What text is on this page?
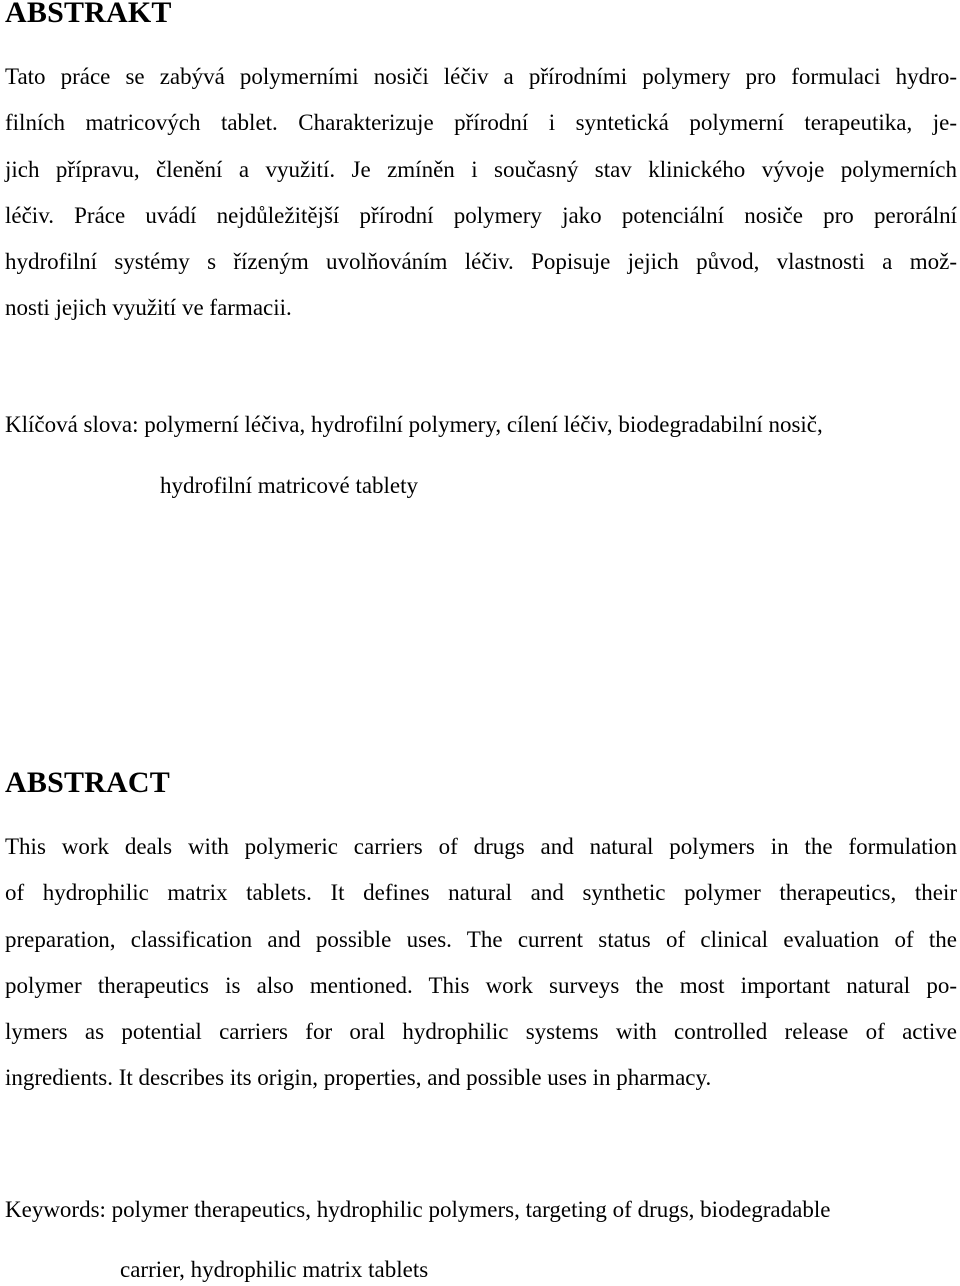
ABSTRAKT
Tato práce se zabývá polymerními nosiči léčiv a přírodními polymery pro formulaci hydro-
filních matricových tablet. Charakterizuje přírodní i syntetická polymerní terapeutika, je-
jich přípravu, členění a využití. Je zmíněn i současný stav klinického vývoje polymerních
léčiv. Práce uvádí nejdůležitější přírodní polymery jako potenciální nosiče pro perorální
hydrofilní systémy s řízeným uvolňováním léčiv. Popisuje jejich původ, vlastnosti a mož-
nosti jejich využití ve farmacii.

Klíčová slova: polymerní léčiva, hydrofilní polymery, cílení léčiv, biodegradabilní nosič,

hydrofilní matricové tablety

ABSTRACT
This work deals with polymeric carriers of drugs and natural polymers in the formulation
of hydrophilic matrix tablets. It defines natural and synthetic polymer therapeutics, their
preparation, classification and possible uses. The current status of clinical evaluation of the
polymer therapeutics is also mentioned. This work surveys the most important natural po-
lymers as potential carriers for oral hydrophilic systems with controlled release of active
ingredients. It describes its origin, properties, and possible uses in pharmacy.

Keywords: polymer therapeutics, hydrophilic polymers, targeting of drugs, biodegradable

carrier, hydrophilic matrix tablets
